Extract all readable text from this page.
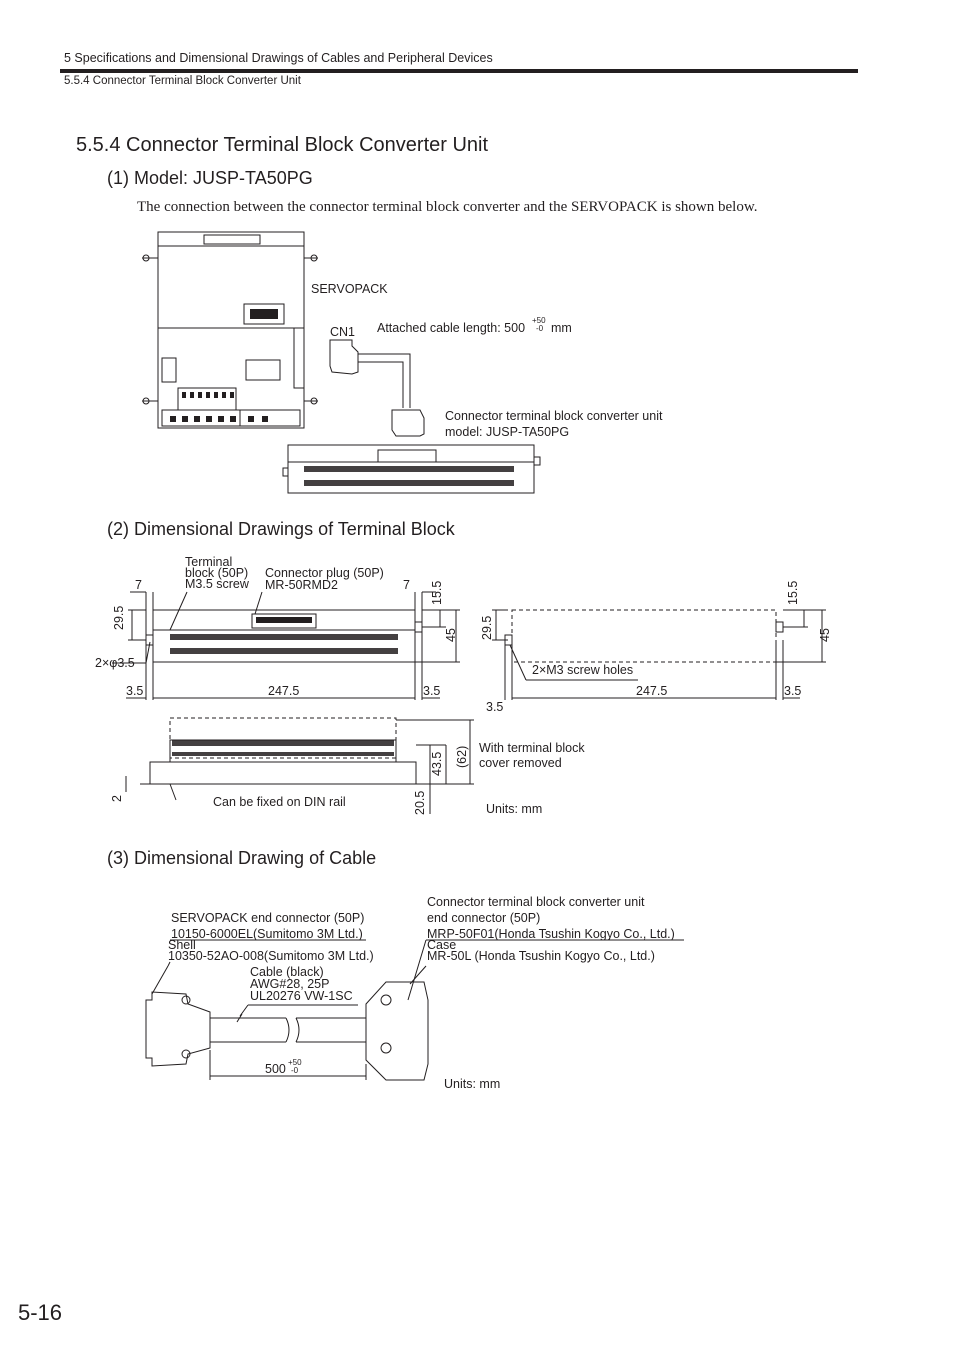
5 Specifications and Dimensional Drawings of Cables and Peripheral Devices
5.5.4 Connector Terminal Block Converter Unit
5.5.4 Connector Terminal Block Converter Unit
(1) Model: JUSP-TA50PG
The connection between the connector terminal block converter and the SERVOPACK is shown below.
(2) Dimensional Drawings of Terminal Block
(3) Dimensional Drawing of Cable
SERVOPACK
CN1 Attached cable length: 500
+50
-0 mm
Connector terminal block converter unit
model: JUSP-TA50PG
Terminal
block (50P)
M3.5 screw
Connector plug (50P)
MR-50RMD2
7	7
29.5
15.5
45
2×φ3.5
3.5	247.5	3.5
29.5
15.5
45
2×M3 screw holes
247.5	3.5
3.5
43.5 (62)
20.5
2
With terminal block
cover removed
Can be fixed on DIN rail	Units: mm
SERVOPACK end connector (50P)
10150-6000EL(Sumitomo 3M Ltd.)
Shell
10350-52AO-008(Sumitomo 3M Ltd.)
Cable (black)
AWG#28, 25P
UL20276 VW-1SC
Connector terminal block converter unit
end connector (50P)
MRP-50F01(Honda Tsushin Kogyo Co., Ltd.)
Case
MR-50L (Honda Tsushin Kogyo Co., Ltd.)
500 +50
-0
Units: mm
5-16
